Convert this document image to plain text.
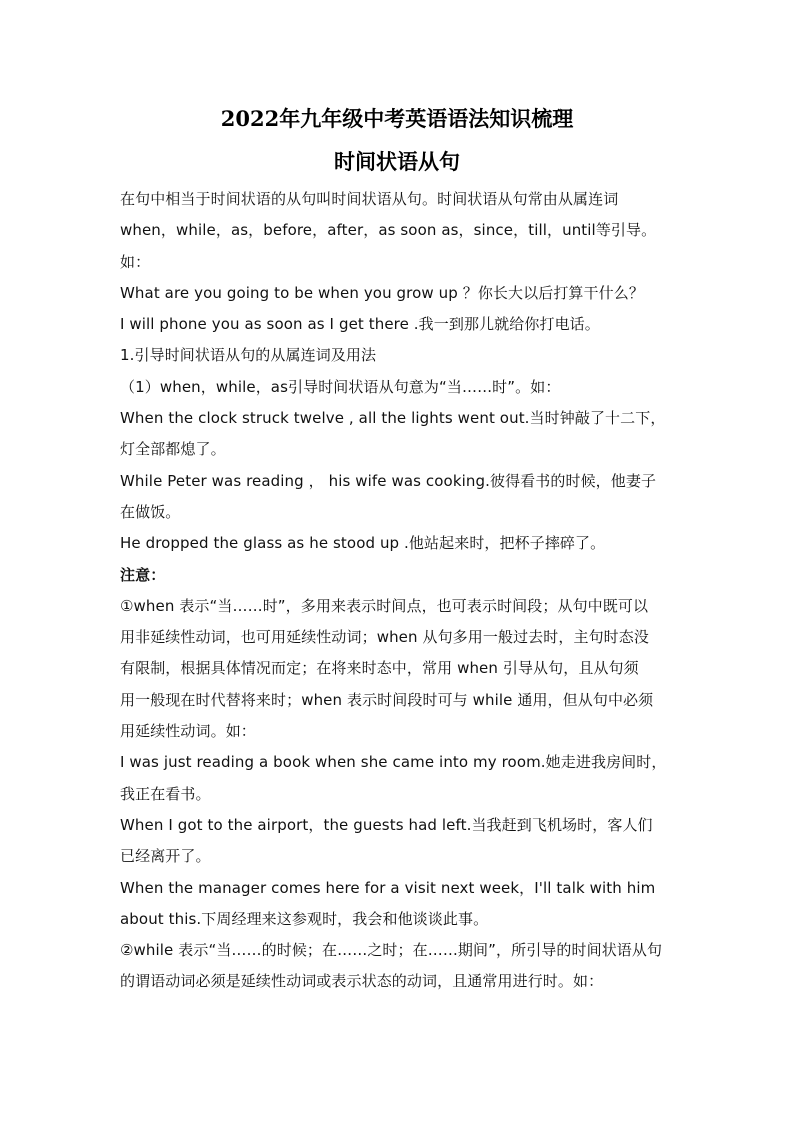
2022年九年级中考英语语法知识梳理
时间状语从句
在句中相当于时间状语的从句叫时间状语从句。时间状语从句常由从属连词
when，while，as，before，after，as soon as，since，till，until等引导。
如：
What are you going to be when you grow up ？你长大以后打算干什么？
I will phone you as soon as I get there .我一到那儿就给你打电话。
1.引导时间状语从句的从属连词及用法
（1）when，while，as引导时间状语从句意为“当……时”。如：
When the clock struck twelve , all the lights went out.当时钟敲了十二下，
灯全部都熄了。
While Peter was reading ， his wife was cooking.彼得看书的时候，他妻子
在做饭。
He dropped the glass as he stood up .他站起来时，把杯子摔碎了。
注意：
①when 表示“当……时”，多用来表示时间点，也可表示时间段；从句中既可以
用非延续性动词，也可用延续性动词；when 从句多用一般过去时，主句时态没
有限制，根据具体情况而定；在将来时态中，常用 when 引导从句，且从句须
用一般现在时代替将来时；when 表示时间段时可与 while 通用，但从句中必须
用延续性动词。如：
I was just reading a book when she came into my room.她走进我房间时，
我正在看书。
When I got to the airport，the guests had left.当我赶到飞机场时，客人们
已经离开了。
When the manager comes here for a visit next week，I'll talk with him
about this.下周经理来这参观时，我会和他谈谈此事。
②while 表示“当……的时候；在……之时；在……期间”，所引导的时间状语从句
的谓语动词必须是延续性动词或表示状态的动词，且通常用进行时。如：
